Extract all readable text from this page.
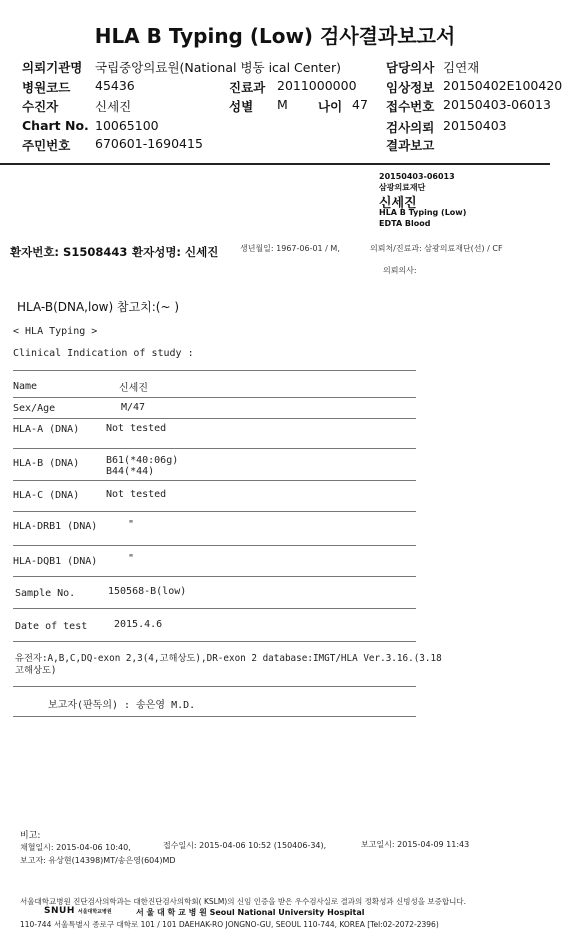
HLA B Typing (Low) 검사결과보고서
의뢰기관명 국립중앙의료원(National 병동 ical Center)	담당의사 김연재
병원코드 45436	진료과 2011000000 임상정보 20150402E100420
수진자	신세진	성별 M 나이 47 접수번호 20150403-06013
Chart No. 10065100	검사의뢰 20150403
주민번호 670601-1690415	결과보고
20150403-06013
삼광의료재단
신세진
HLA B Typing (Low)
EDTA Blood
환자번호: S1508443 환자성명: 신세진	생년월일: 1967-06-01 / M,	의뢰처/진료과: 삼광의료재단(선) / CF
의뢰의사:
HLA-B(DNA,low) 참고치:(~ )
< HLA Typing >
Clinical Indication of study :
Name	신세진
Sex/Age	M/47
HLA-A (DNA)	Not tested
HLA-B (DNA)	B61(*40:06g)
B44(*44)
HLA-C (DNA)	Not tested
HLA-DRB1 (DNA)	"
HLA-DQB1 (DNA)	"
Sample No.	150568-B(low)
Date of test	2015.4.6
유전자:A,B,C,DQ-exon 2,3(4,고해상도),DR-exon 2 database:IMGT/HLA Ver.3.16.(3.18
고해상도)
보고자(판독의) : 송은영 M.D.
비고:
채혈일시: 2015-04-06 10:40,	접수일시: 2015-04-06 10:52 (150406-34),	보고일시: 2015-04-09 11:43
보고자: 유상현(14398)MT/송은영(604)MD
서울대학교병원 진단검사의학과는 대한진단검사의학회( KSLM)의 신임 인증을 받은 우수검사실로 결과의 정확성과 신빙성을 보증합니다.
SNUH 서울대학교병원	서 울 대 학 교 병 원 Seoul National University Hospital
110-744 서울특별시 종로구 대학로 101 / 101 DAEHAK-RO JONGNO-GU, SEOUL 110-744, KOREA [Tel:02-2072-2396)
